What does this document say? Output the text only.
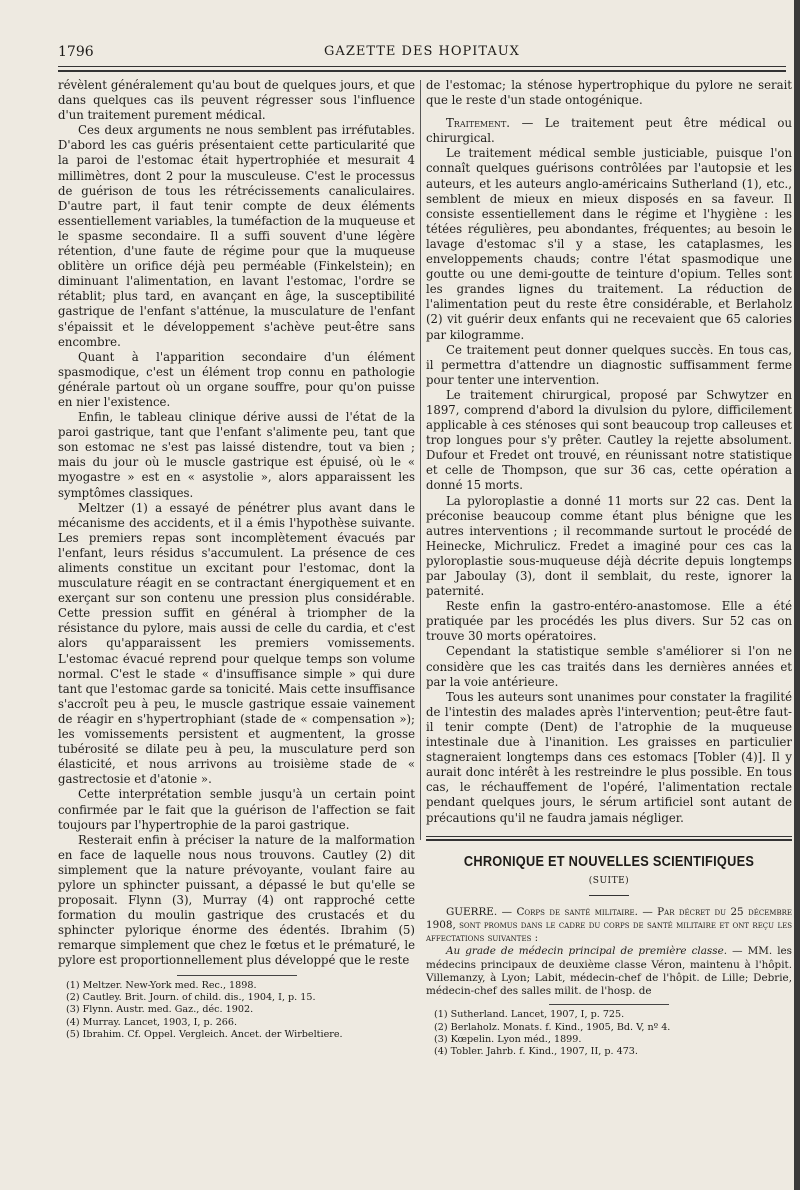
1796	GAZETTE DES HOPITAUX

révèlent généralement qu'au bout de quelques jours, et que dans quelques cas ils peuvent régresser sous l'influence d'un traitement purement médical.

Ces deux arguments ne nous semblent pas irréfutables. D'abord les cas guéris présentaient cette particularité que la paroi de l'estomac était hypertrophiée et mesurait 4 millimètres, dont 2 pour la musculeuse. C'est le processus de guérison de tous les rétrécissements canaliculaires. D'autre part, il faut tenir compte de deux éléments essentiellement variables, la tuméfaction de la muqueuse et le spasme secondaire. Il a suffi souvent d'une légère rétention, d'une faute de régime pour que la muqueuse oblitère un orifice déjà peu perméable (Finkelstein); en diminuant l'alimentation, en lavant l'estomac, l'ordre se rétablit; plus tard, en avançant en âge, la susceptibilité gastrique de l'enfant s'atténue, la musculature de l'enfant s'épaissit et le développement s'achève peut-être sans encombre.

Quant à l'apparition secondaire d'un élément spasmodique, c'est un élément trop connu en pathologie générale partout où un organe souffre, pour qu'on puisse en nier l'existence.

Enfin, le tableau clinique dérive aussi de l'état de la paroi gastrique, tant que l'enfant s'alimente peu, tant que son estomac ne s'est pas laissé distendre, tout va bien ; mais du jour où le muscle gastrique est épuisé, où le « myogastre » est en « asystolie », alors apparaissent les symptômes classiques.

Meltzer (1) a essayé de pénétrer plus avant dans le mécanisme des accidents, et il a émis l'hypothèse suivante. Les premiers repas sont incomplètement évacués par l'enfant, leurs résidus s'accumulent. La présence de ces aliments constitue un excitant pour l'estomac, dont la musculature réagit en se contractant énergiquement et en exerçant sur son contenu une pression plus considérable. Cette pression suffit en général à triompher de la résistance du pylore, mais aussi de celle du cardia, et c'est alors qu'apparaissent les premiers vomissements. L'estomac évacué reprend pour quelque temps son volume normal. C'est le stade « d'insuffisance simple » qui dure tant que l'estomac garde sa tonicité. Mais cette insuffisance s'accroît peu à peu, le muscle gastrique essaie vainement de réagir en s'hypertrophiant (stade de « compensation »); les vomissements persistent et augmentent, la grosse tubérosité se dilate peu à peu, la musculature perd son élasticité, et nous arrivons au troisième stade de « gastrectosie et d'atonie ».

Cette interprétation semble jusqu'à un certain point confirmée par le fait que la guérison de l'affection se fait toujours par l'hypertrophie de la paroi gastrique.

Resterait enfin à préciser la nature de la malformation en face de laquelle nous nous trouvons. Cautley (2) dit simplement que la nature prévoyante, voulant faire au pylore un sphincter puissant, a dépassé le but qu'elle se proposait. Flynn (3), Murray (4) ont rapproché cette formation du moulin gastrique des crustacés et du sphincter pylorique énorme des édentés. Ibrahim (5) remarque simplement que chez le fœtus et le prématuré, le pylore est proportionnellement plus développé que le reste

(1) Meltzer. New-York med. Rec., 1898.
(2) Cautley. Brit. Journ. of child. dis., 1904, I, p. 15.
(3) Flynn. Austr. med. Gaz., déc. 1902.
(4) Murray. Lancet, 1903, I, p. 266.
(5) Ibrahim. Cf. Oppel. Vergleich. Ancet. der Wirbeltiere.

de l'estomac; la sténose hypertrophique du pylore ne serait que le reste d'un stade ontogénique.

Traitement. — Le traitement peut être médical ou chirurgical.

Le traitement médical semble justiciable, puisque l'on connaît quelques guérisons contrôlées par l'autopsie et les auteurs, et les auteurs anglo-américains Sutherland (1), etc., semblent de mieux en mieux disposés en sa faveur. Il consiste essentiellement dans le régime et l'hygiène : les tétées régulières, peu abondantes, fréquentes; au besoin le lavage d'estomac s'il y a stase, les cataplasmes, les enveloppements chauds; contre l'état spasmodique une goutte ou une demi-goutte de teinture d'opium. Telles sont les grandes lignes du traitement. La réduction de l'alimentation peut du reste être considérable, et Berlaholz (2) vit guérir deux enfants qui ne recevaient que 65 calories par kilogramme.

Ce traitement peut donner quelques succès. En tous cas, il permettra d'attendre un diagnostic suffisamment ferme pour tenter une intervention.

Le traitement chirurgical, proposé par Schwytzer en 1897, comprend d'abord la divulsion du pylore, difficilement applicable à ces sténoses qui sont beaucoup trop calleuses et trop longues pour s'y prêter. Cautley la rejette absolument. Dufour et Fredet ont trouvé, en réunissant notre statistique et celle de Thompson, que sur 36 cas, cette opération a donné 15 morts.

La pyloroplastie a donné 11 morts sur 22 cas. Dent la préconise beaucoup comme étant plus bénigne que les autres interventions ; il recommande surtout le procédé de Heinecke, Michrulicz. Fredet a imaginé pour ces cas la pyloroplastie sous-muqueuse déjà décrite depuis longtemps par Jaboulay (3), dont il semblait, du reste, ignorer la paternité.

Reste enfin la gastro-entéro-anastomose. Elle a été pratiquée par les procédés les plus divers. Sur 52 cas on trouve 30 morts opératoires.

Cependant la statistique semble s'améliorer si l'on ne considère que les cas traités dans les dernières années et par la voie antérieure.

Tous les auteurs sont unanimes pour constater la fragilité de l'intestin des malades après l'intervention; peut-être faut-il tenir compte (Dent) de l'atrophie de la muqueuse intestinale due à l'inanition. Les graisses en particulier stagneraient longtemps dans ces estomacs [Tobler (4)]. Il y aurait donc intérêt à les restreindre le plus possible. En tous cas, le réchauffement de l'opéré, l'alimentation rectale pendant quelques jours, le sérum artificiel sont autant de précautions qu'il ne faudra jamais négliger.

CHRONIQUE ET NOUVELLES SCIENTIFIQUES
(SUITE)

GUERRE. — Corps de santé militaire. — Par décret du 25 décembre 1908, sont promus dans le cadre du corps de santé militaire et ont reçu les affectations suivantes :

Au grade de médecin principal de première classe. — MM. les médecins principaux de deuxième classe Véron, maintenu à l'hôpit. Villemanzy, à Lyon; Labit, médecin-chef de l'hôpit. de Lille; Debrie, médecin-chef des salles milit. de l'hosp. de

(1) Sutherland. Lancet, 1907, I, p. 725.
(2) Berlaholz. Monats. f. Kind., 1905, Bd. V, nº 4.
(3) Kœpelin. Lyon méd., 1899.
(4) Tobler. Jahrb. f. Kind., 1907, II, p. 473.
